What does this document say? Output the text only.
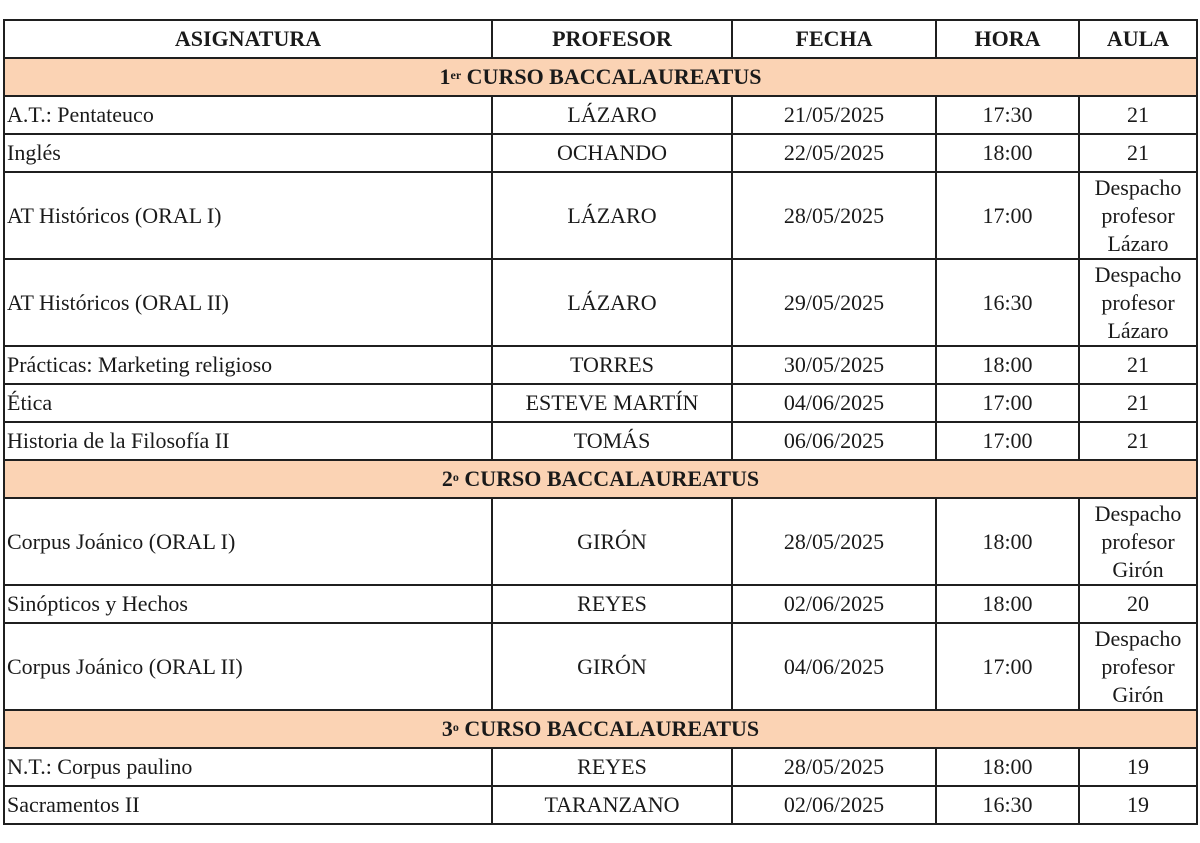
ASIGNATURA	PROFESOR	FECHA	HORA	AULA
1er CURSO BACCALAUREATUS				
A.T.: Pentateuco	LÁZARO	21/05/2025	17:30	21

Inglés	OCHANDO	22/05/2025	18:00	21

AT Históricos (ORAL I)	LÁZARO	28/05/2025	17:00	Despacho
profesor
Lázaro

AT Históricos (ORAL II)	LÁZARO	29/05/2025	16:30	Despacho
profesor
Lázaro

Prácticas: Marketing religioso	TORRES	30/05/2025	18:00	21

Ética	ESTEVE MARTÍN	04/06/2025	17:00	21

Historia de la Filosofía II	TOMÁS	06/06/2025	17:00	21

2$^o$ CURSO BACCALAUREATUS				
Corpus Joánico (ORAL I)	GIRÓN	28/05/2025	18:00	Despacho
profesor
Girón

Sinópticos y Hechos	REYES	02/06/2025	18:00	20

Corpus Joánico (ORAL II)	GIRÓN	04/06/2025	17:00	Despacho
profesor
Girón

3$^o$ CURSO BACCALAUREATUS				
N.T.: Corpus paulino	REYES	28/05/2025	18:00	19

Sacramentos II	TARANZANO	02/06/2025	16:30	19
